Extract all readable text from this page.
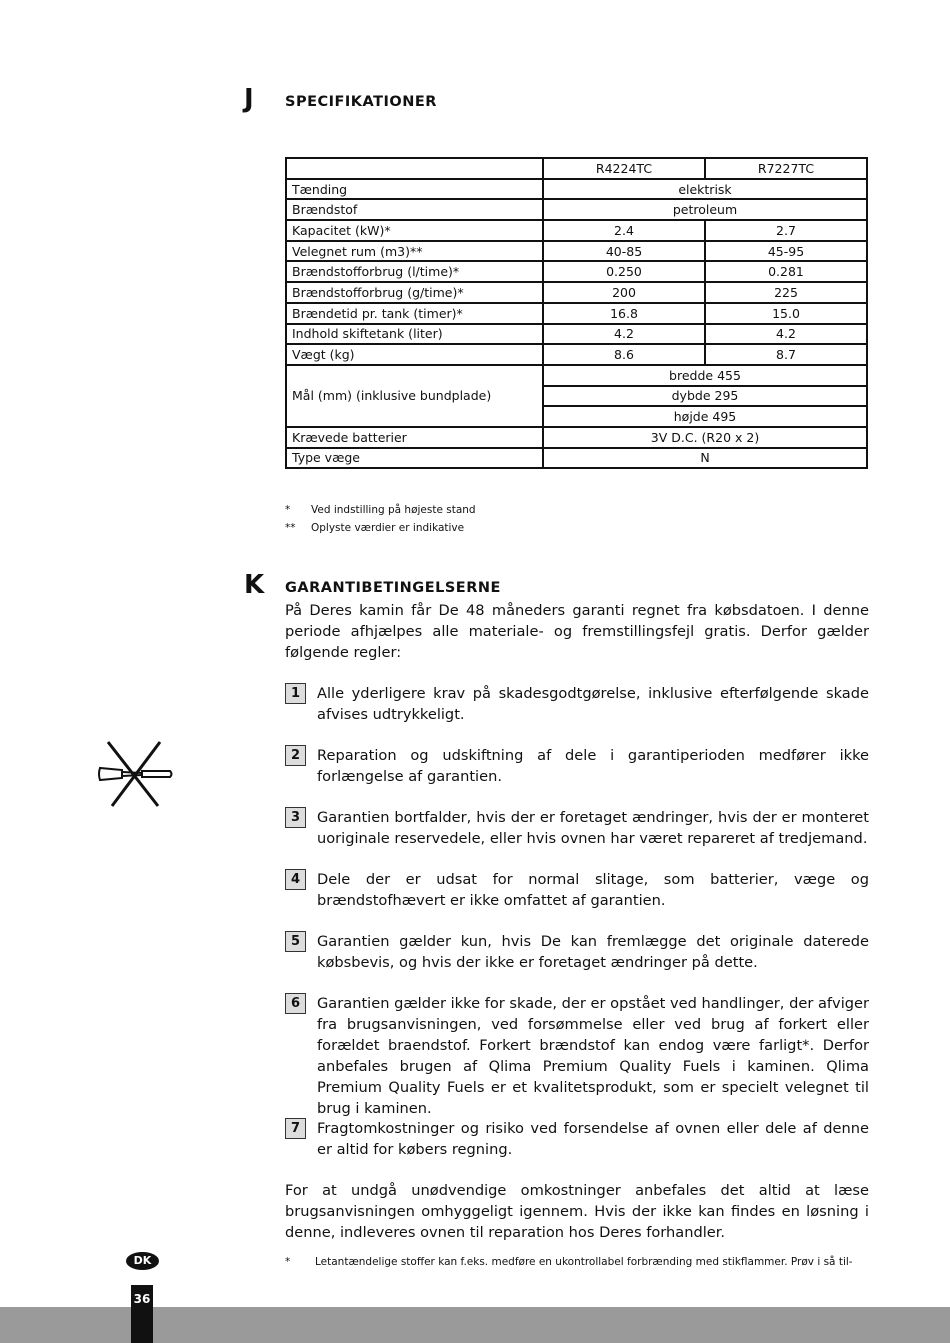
J SPECIFIKATIONER
	R4224TC	R7227TC
Tænding	elektrisk	
Brændstof	petroleum	
Kapacitet (kW)*	2.4	2.7
Velegnet rum (m3)**	40-85	45-95
Brændstofforbrug (l/time)*	0.250	0.281
Brændstofforbrug (g/time)*	200	225
Brændetid pr. tank (timer)*	16.8	15.0
Indhold skiftetank (liter)	4.2	4.2
Vægt (kg)	8.6	8.7
Mål (mm) (inklusive bundplade)	bredde 455	
	dybde 295	
	højde 495	
Krævede batterier	3V D.C. (R20 x 2)	
Type væge	N	
* Ved indstilling på højeste stand
** Oplyste værdier er indikative
K GARANTIBETINGELSERNE
På Deres kamin får De 48 måneders garanti regnet fra købsdatoen. I denne periode afhjælpes alle materiale- og fremstillingsfejl gratis. Derfor gælder følgende regler:
1	Alle yderligere krav på skadesgodtgørelse, inklusive efterfølgende skade afvises udtrykkeligt.
2	Reparation og udskiftning af dele i garantiperioden medfører ikke forlængelse af garantien.
3	Garantien bortfalder, hvis der er foretaget ændringer, hvis der er monteret uoriginale reservedele, eller hvis ovnen har været repareret af tredjemand.
4	Dele der er udsat for normal slitage, som batterier, væge og brændstofhævert er ikke omfattet af garantien.
5	Garantien gælder kun, hvis De kan fremlægge det originale daterede købsbevis, og hvis der ikke er foretaget ændringer på dette.
6	Garantien gælder ikke for skade, der er opstået ved handlinger, der afviger fra brugsanvisningen, ved forsømmelse eller ved brug af forkert eller forældet braendstof. Forkert brændstof kan endog være farligt*. Derfor anbefales brugen af Qlima Premium Quality Fuels i kaminen. Qlima Premium Quality Fuels er et kvalitetsprodukt, som er specielt velegnet til brug i kaminen.
7	Fragtomkostninger og risiko ved forsendelse af ovnen eller dele af denne er altid for købers regning.
For at undgå unødvendige omkostninger anbefales det altid at læse brugsanvisningen omhyggeligt igennem. Hvis der ikke kan findes en løsning i denne, indleveres ovnen til reparation hos Deres forhandler.
* Letantændelige stoffer kan f.eks. medføre en ukontrollabel forbrænding med stikflammer. Prøv i så til-
DK
36
